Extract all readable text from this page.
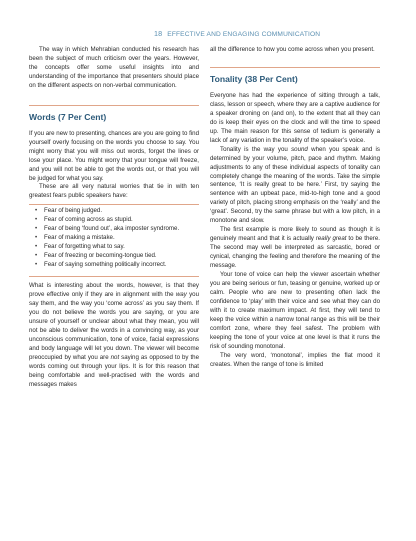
18 EFFECTIVE AND ENGAGING COMMUNICATION

The way in which Mehrabian conducted his research has been the subject of much criticism over the years. However, the concepts offer some useful insights into and understanding of the importance that presenters should place on the different aspects on non-verbal communication.

Words (7 Per Cent)

If you are new to presenting, chances are you are going to find yourself overly focusing on the words you choose to say. You might worry that you will miss out words, forget the lines or lose your place. You might worry that your tongue will freeze, and you will not be able to get the words out, or that you will be judged for what you say.

These are all very natural worries that tie in with ten greatest fears public speakers have:

• Fear of being judged.
• Fear of coming across as stupid.
• Fear of being ‘found out’, aka imposter syndrome.
• Fear of making a mistake.
• Fear of forgetting what to say.
• Fear of freezing or becoming-tongue tied.
• Fear of saying something politically incorrect.

What is interesting about the words, however, is that they prove effective only if they are in alignment with the way you say them, and the way you ‘come across’ as you say them. If you do not believe the words you are saying, or you are unsure of yourself or unclear about what they mean, you will not be able to deliver the words in a convincing way, as your unconscious communication, tone of voice, facial expressions and body language will let you down. The viewer will become preoccupied by what you are not saying as opposed to by the words coming out through your lips. It is for this reason that being comfortable and well-practised with the words and messages makes

all the difference to how you come across when you present.

Tonality (38 Per Cent)

Everyone has had the experience of sitting through a talk, class, lesson or speech, where they are a captive audience for a speaker droning on (and on), to the extent that all they can do is keep their eyes on the clock and will the time to speed up. The main reason for this sense of tedium is generally a lack of any variation in the tonality of the speaker’s voice.

Tonality is the way you sound when you speak and is determined by your volume, pitch, pace and rhythm. Making adjustments to any of these individual aspects of tonality can completely change the meaning of the words. Take the simple sentence, ‘It is really great to be here.’ First, try saying the sentence with an upbeat pace, mid-to-high tone and a good variety of pitch, placing strong emphasis on the ‘really’ and the ‘great’. Second, try the same phrase but with a low pitch, in a monotone and slow.

The first example is more likely to sound as though it is genuinely meant and that it is actually really great to be there. The second may well be interpreted as sarcastic, bored or cynical, changing the feeling and therefore the meaning of the message.

Your tone of voice can help the viewer ascertain whether you are being serious or fun, teasing or genuine, worked up or calm. People who are new to presenting often lack the confidence to ‘play’ with their voice and see what they can do with it to create maximum impact. At first, they will tend to keep the voice within a narrow tonal range as this will be their comfort zone, where they feel safest. The problem with keeping the tone of your voice at one level is that it runs the risk of sounding monotonal.

The very word, ‘monotonal’, implies the flat mood it creates. When the range of tone is limited
